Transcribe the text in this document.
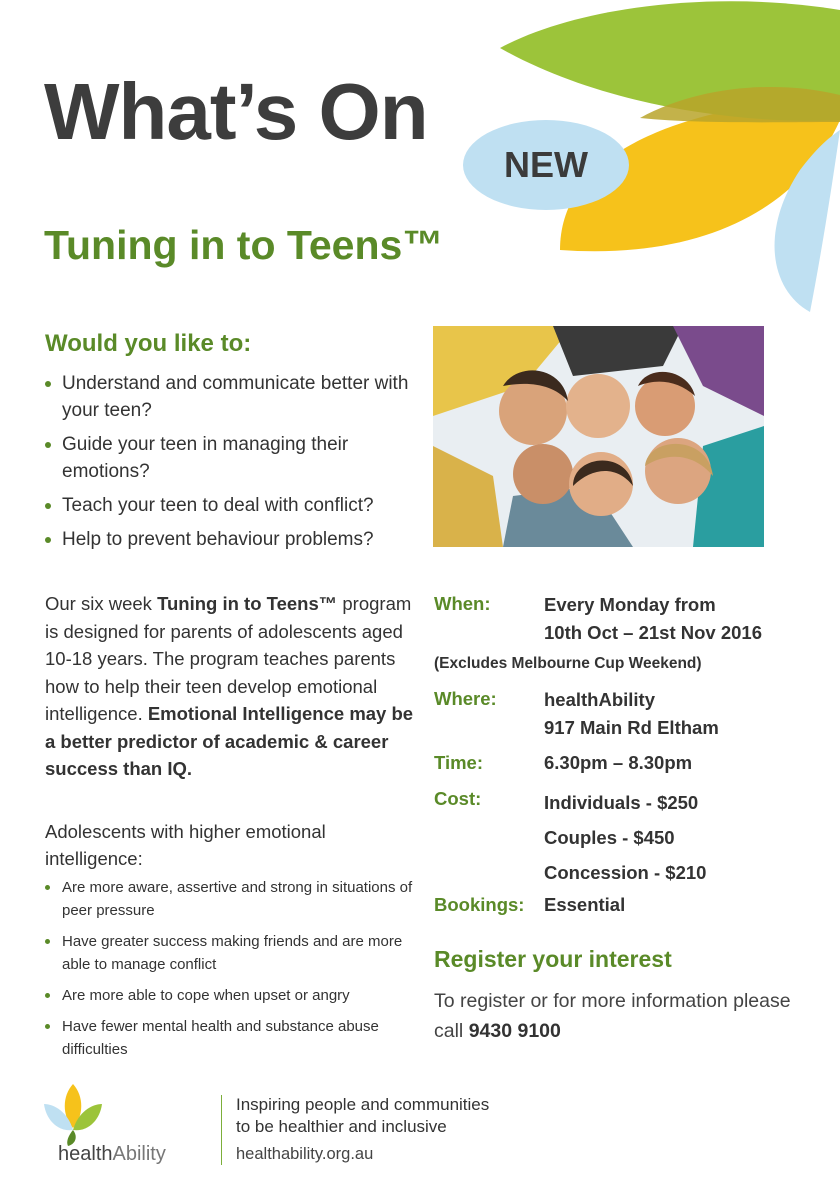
What’s On
NEW
Tuning in to Teens™
Would you like to:
Understand and communicate better with your teen?
Guide your teen in managing their emotions?
Teach your teen to deal with conflict?
Help to prevent behaviour problems?

Our six week Tuning in to Teens™ program is designed for parents of adolescents aged 10-18 years. The program teaches parents how to help their teen develop emotional intelligence. Emotional Intelligence may be a better predictor of academic & career success than IQ.

Adolescents with higher emotional intelligence:

Are more aware, assertive and strong in situations of peer pressure
Have greater success making friends and are more able to manage conflict
Are more able to cope when upset or angry
Have fewer mental health and substance abuse difficulties
When:	Every Monday from
10th Oct – 21st Nov 2016
(Excludes Melbourne Cup Weekend)
Where:	healthAbility
917 Main Rd Eltham
Time:	6.30pm – 8.30pm
Cost:	Individuals - $250
Couples - $450
Concession - $210
Bookings: Essential
Register your interest

To register or for more information please call 9430 9100

healthAbility
Inspiring people and communities
to be healthier and inclusive
healthability.org.au
